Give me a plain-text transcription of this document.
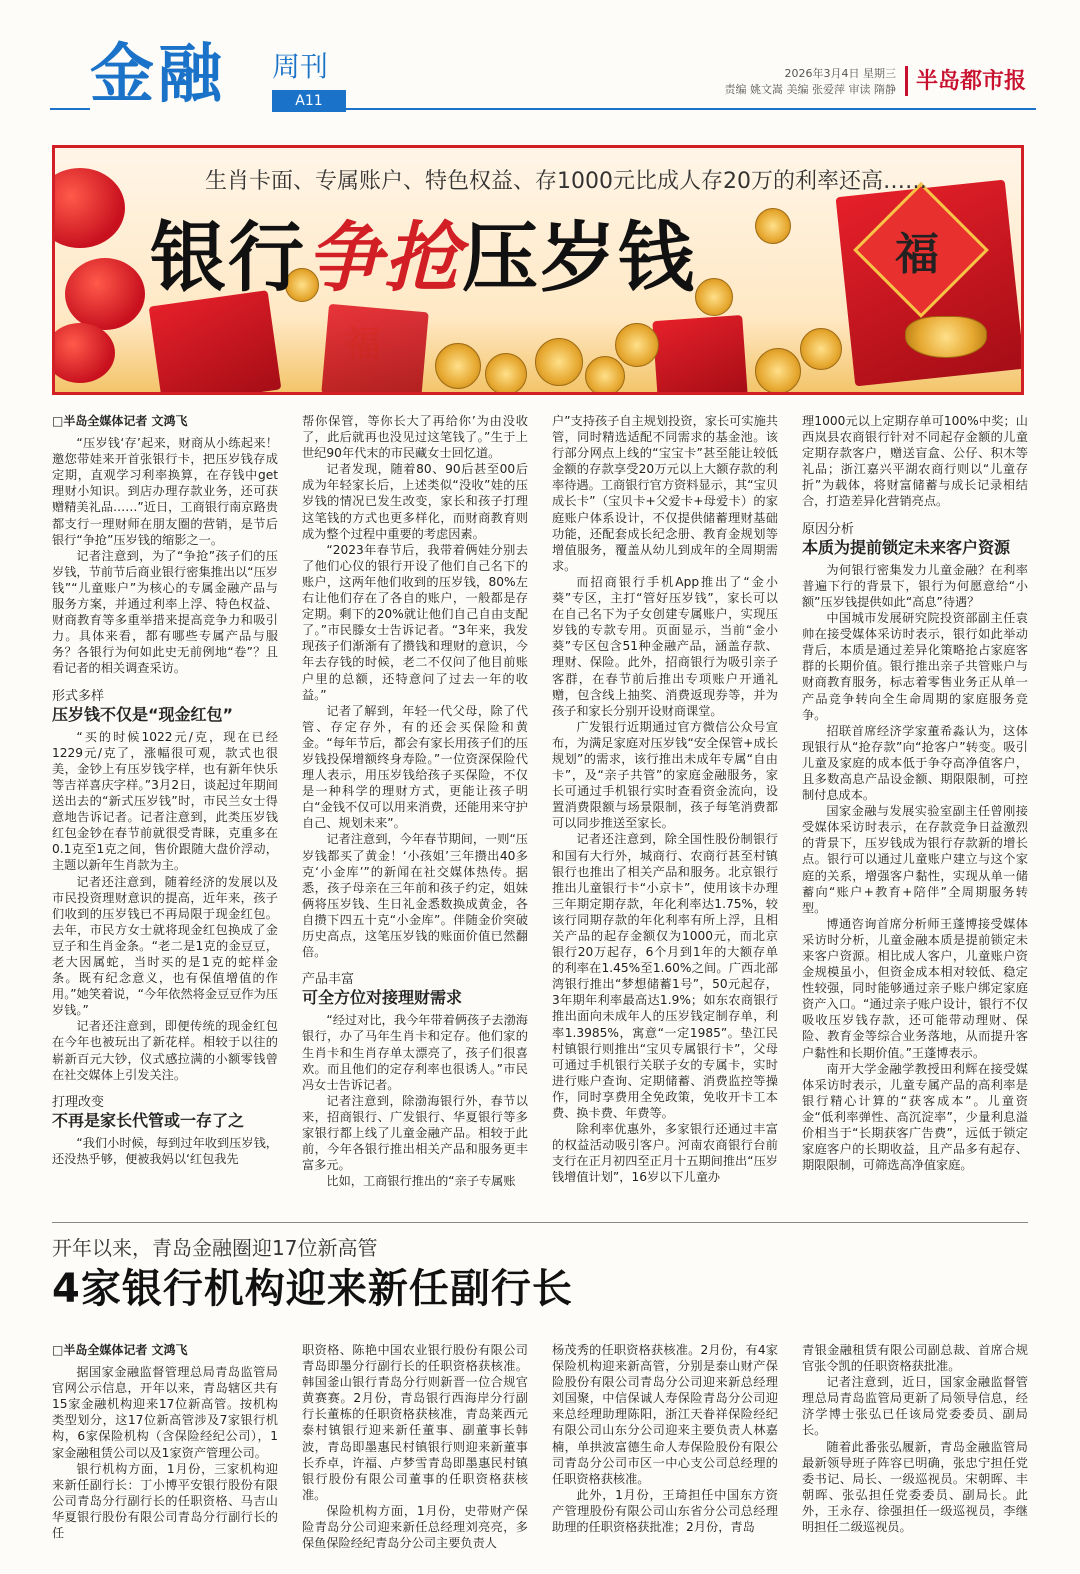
金融 周刊
A11
2026年3月4日 星期三
责编 姚文嵩 美编 张爱萍 审读 隋静 半岛都市报
福
生肖卡面、专属账户、特色权益、存1000元比成人存20万的利率还高……
银行争抢压岁钱

□半岛全媒体记者 文鸿飞

“压岁钱‘存’起来，财商从小练起来！邀您带娃来开首张银行卡，把压岁钱存成定期，直观学习利率换算，在存钱中get理财小知识。到店办理存款业务，还可获赠精美礼品……”近日，工商银行南京路贵都支行一理财师在朋友圈的营销，是节后银行“争抢”压岁钱的缩影之一。

记者注意到，为了“争抢”孩子们的压岁钱，节前节后商业银行密集推出以“压岁钱”“儿童账户”为核心的专属金融产品与服务方案，并通过利率上浮、特色权益、财商教育等多重举措来提高竞争力和吸引力。具体来看，都有哪些专属产品与服务？各银行为何如此史无前例地“卷”？且看记者的相关调查采访。

形式多样
压岁钱不仅是“现金红包”

“买的时候1022元/克，现在已经1229元/克了，涨幅很可观，款式也很美，金钞上有压岁钱字样，也有新年快乐等吉祥喜庆字样。”3月2日，谈起过年期间送出去的“新式压岁钱”时，市民兰女士得意地告诉记者。记者注意到，此类压岁钱红包金钞在春节前就很受青睐，克重多在0.1克至1克之间，售价跟随大盘价浮动，主题以新年生肖款为主。

记者还注意到，随着经济的发展以及市民投资理财意识的提高，近年来，孩子们收到的压岁钱已不再局限于现金红包。去年，市民方女士就将现金红包换成了金豆子和生肖金条。“老二是1克的金豆豆，老大因属蛇，当时买的是1克的蛇样金条。既有纪念意义，也有保值增值的作用。”她笑着说，“今年依然将金豆豆作为压岁钱。”

记者还注意到，即便传统的现金红包在今年也被玩出了新花样。相较于以往的崭新百元大钞，仪式感拉满的小额零钱曾在社交媒体上引发关注。

打理改变
不再是家长代管或一存了之

“我们小时候，每到过年收到压岁钱，还没热乎够，便被我妈以‘红包我先

帮你保管，等你长大了再给你’为由没收了，此后就再也没见过这笔钱了。”生于上世纪90年代末的市民藏女士回忆道。

记者发现，随着80、90后甚至00后成为年轻家长后，上述类似“没收”娃的压岁钱的情况已发生改变，家长和孩子打理这笔钱的方式也更多样化，而财商教育则成为整个过程中重要的考虑因素。

“2023年春节后，我带着俩娃分别去了他们心仪的银行开设了他们自己名下的账户，这两年他们收到的压岁钱，80%左右让他们存在了各自的账户，一般都是存定期。剩下的20%就让他们自己自由支配了。”市民滕女士告诉记者。“3年来，我发现孩子们渐渐有了攒钱和理财的意识，今年去存钱的时候，老二不仅问了他目前账户里的总额，还特意问了过去一年的收益。”

记者了解到，年轻一代父母，除了代管、存定存外，有的还会买保险和黄金。“每年节后，都会有家长用孩子们的压岁钱投保增额终身寿险。”一位资深保险代理人表示，用压岁钱给孩子买保险，不仅是一种科学的理财方式，更能让孩子明白“金钱不仅可以用来消费，还能用来守护自己、规划未来”。

记者注意到，今年春节期间，一则“压岁钱都买了黄金！‘小孩姐’三年攒出40多克‘小金库’”的新闻在社交媒体热传。据悉，孩子母亲在三年前和孩子约定，姐妹俩将压岁钱、生日礼金悉数换成黄金，各自攒下四五十克“小金库”。伴随金价突破历史高点，这笔压岁钱的账面价值已然翻倍。

产品丰富
可全方位对接理财需求

“经过对比，我今年带着俩孩子去渤海银行，办了马年生肖卡和定存。他们家的生肖卡和生肖存单太漂亮了，孩子们很喜欢。而且他们的定存利率也很诱人。”市民冯女士告诉记者。

记者注意到，除渤海银行外，春节以来，招商银行、广发银行、华夏银行等多家银行都上线了儿童金融产品。相较于此前，今年各银行推出相关产品和服务更丰富多元。

比如，工商银行推出的“亲子专属账

户”支持孩子自主规划投资，家长可实施共管，同时精选适配不同需求的基金池。该行部分网点上线的“宝宝卡”甚至能让较低金额的存款享受20万元以上大额存款的利率待遇。工商银行官方资料显示，其“宝贝成长卡”（宝贝卡+父爱卡+母爱卡）的家庭账户体系设计，不仅提供储蓄理财基础功能，还配套成长纪念册、教育金规划等增值服务，覆盖从幼儿到成年的全周期需求。

而招商银行手机App推出了“金小葵”专区，主打“管好压岁钱”，家长可以在自己名下为子女创建专属账户，实现压岁钱的专款专用。页面显示，当前“金小葵”专区包含51种金融产品，涵盖存款、理财、保险。此外，招商银行为吸引亲子客群，在春节前后推出专项账户开通礼赠，包含线上抽奖、消费返现券等，并为孩子和家长分别开设财商课堂。

广发银行近期通过官方微信公众号宣布，为满足家庭对压岁钱“安全保管+成长规划”的需求，该行推出未成年专属“自由卡”，及“亲子共管”的家庭金融服务，家长可通过手机银行实时查看资金流向，设置消费限额与场景限制，孩子每笔消费都可以同步推送至家长。

记者还注意到，除全国性股份制银行和国有大行外，城商行、农商行甚至村镇银行也推出了相关产品和服务。北京银行推出儿童银行卡“小京卡”，使用该卡办理三年期定期存款，年化利率达1.75%，较该行同期存款的年化利率有所上浮，且相关产品的起存金额仅为1000元，而北京银行20万起存，6个月到1年的大额存单的利率在1.45%至1.60%之间。广西北部湾银行推出“梦想储蓄1号”，50元起存，3年期年利率最高达1.9%；如东农商银行推出面向未成年人的压岁钱定制存单，利率1.3985%，寓意“一定1985”。垫江民村镇银行则推出“宝贝专属银行卡”，父母可通过手机银行关联子女的专属卡，实时进行账户查询、定期储蓄、消费监控等操作，同时享费用全免政策，免收开卡工本费、换卡费、年费等。

除利率优惠外，多家银行还通过丰富的权益活动吸引客户。河南农商银行台前支行在正月初四至正月十五期间推出“压岁钱增值计划”，16岁以下儿童办

理1000元以上定期存单可100%中奖；山西岚县农商银行针对不同起存金额的儿童定期存款客户，赠送盲盒、公仔、积木等礼品；浙江嘉兴平湖农商行则以“儿童存折”为载体，将财富储蓄与成长记录相结合，打造差异化营销亮点。

原因分析
本质为提前锁定未来客户资源

为何银行密集发力儿童金融？在利率普遍下行的背景下，银行为何愿意给“小额”压岁钱提供如此“高息”待遇？

中国城市发展研究院投资部副主任袁帅在接受媒体采访时表示，银行如此举动背后，本质是通过差异化策略抢占家庭客群的长期价值。银行推出亲子共管账户与财商教育服务，标志着零售业务正从单一产品竞争转向全生命周期的家庭服务竞争。

招联首席经济学家董希淼认为，这体现银行从“抢存款”向“抢客户”转变。吸引儿童及家庭的成本低于争夺高净值客户，且多数高息产品设金额、期限限制，可控制付息成本。

国家金融与发展实验室副主任曾刚接受媒体采访时表示，在存款竞争日益激烈的背景下，压岁钱成为银行存款新的增长点。银行可以通过儿童账户建立与这个家庭的关系，增强客户黏性，实现从单一储蓄向“账户+教育+陪伴”全周期服务转型。

博通咨询首席分析师王蓬博接受媒体采访时分析，儿童金融本质是提前锁定未来客户资源。相比成人客户，儿童账户资金规模虽小，但资金成本相对较低、稳定性较强，同时能够通过亲子账户绑定家庭资产入口。“通过亲子账户设计，银行不仅吸收压岁钱存款，还可能带动理财、保险、教育金等综合业务落地，从而提升客户黏性和长期价值。”王蓬博表示。

南开大学金融学教授田利辉在接受媒体采访时表示，儿童专属产品的高利率是银行精心计算的“获客成本”。儿童资金“低利率弹性、高沉淀率”，少量利息溢价相当于“长期获客广告费”，远低于锁定家庭客户的长期收益，且产品多有起存、期限限制，可筛选高净值家庭。

开年以来，青岛金融圈迎17位新高管
4家银行机构迎来新任副行长

□半岛全媒体记者 文鸿飞

据国家金融监督管理总局青岛监管局官网公示信息，开年以来，青岛辖区共有15家金融机构迎来17位新高管。按机构类型划分，这17位新高管涉及7家银行机构，6家保险机构（含保险经纪公司），1家金融租赁公司以及1家资产管理公司。

银行机构方面，1月份，三家机构迎来新任副行长：丁小博平安银行股份有限公司青岛分行副行长的任职资格、马吉山华夏银行股份有限公司青岛分行副行长的任

职资格、陈艳中国农业银行股份有限公司青岛即墨分行副行长的任职资格获核准。韩国釜山银行青岛分行则新晋一位合规官黄赛赛。2月份，青岛银行西海岸分行副行长董栋的任职资格获核准，青岛莱西元泰村镇银行迎来新任董事、副董事长韩波，青岛即墨惠民村镇银行则迎来新董事长乔卓，许福、卢梦雪青岛即墨惠民村镇银行股份有限公司董事的任职资格获核准。

保险机构方面，1月份，史带财产保险青岛分公司迎来新任总经理刘亮亮，多保鱼保险经纪青岛分公司主要负责人

杨茂秀的任职资格获核准。2月份，有4家保险机构迎来新高管，分别是泰山财产保险股份有限公司青岛分公司迎来新总经理刘国聚，中信保诚人寿保险青岛分公司迎来总经理助理陈阳，浙江天眷祥保险经纪有限公司山东分公司迎来主要负责人林嘉楠，单拱波富德生命人寿保险股份有限公司青岛分公司市区一中心支公司总经理的任职资格获核准。

此外，1月份，王琦担任中国东方资产管理股份有限公司山东省分公司总经理助理的任职资格获批准；2月份，青岛

青银金融租赁有限公司副总裁、首席合规官张令凯的任职资格获批准。

记者注意到，近日，国家金融监督管理总局青岛监管局更新了局领导信息，经济学博士张弘已任该局党委委员、副局长。

随着此番张弘履新，青岛金融监管局最新领导班子阵容已明确，张忠宁担任党委书记、局长、一级巡视员。宋朝晖、丰朝晖、张弘担任党委委员、副局长。此外，王永存、徐强担任一级巡视员，李继明担任二级巡视员。
